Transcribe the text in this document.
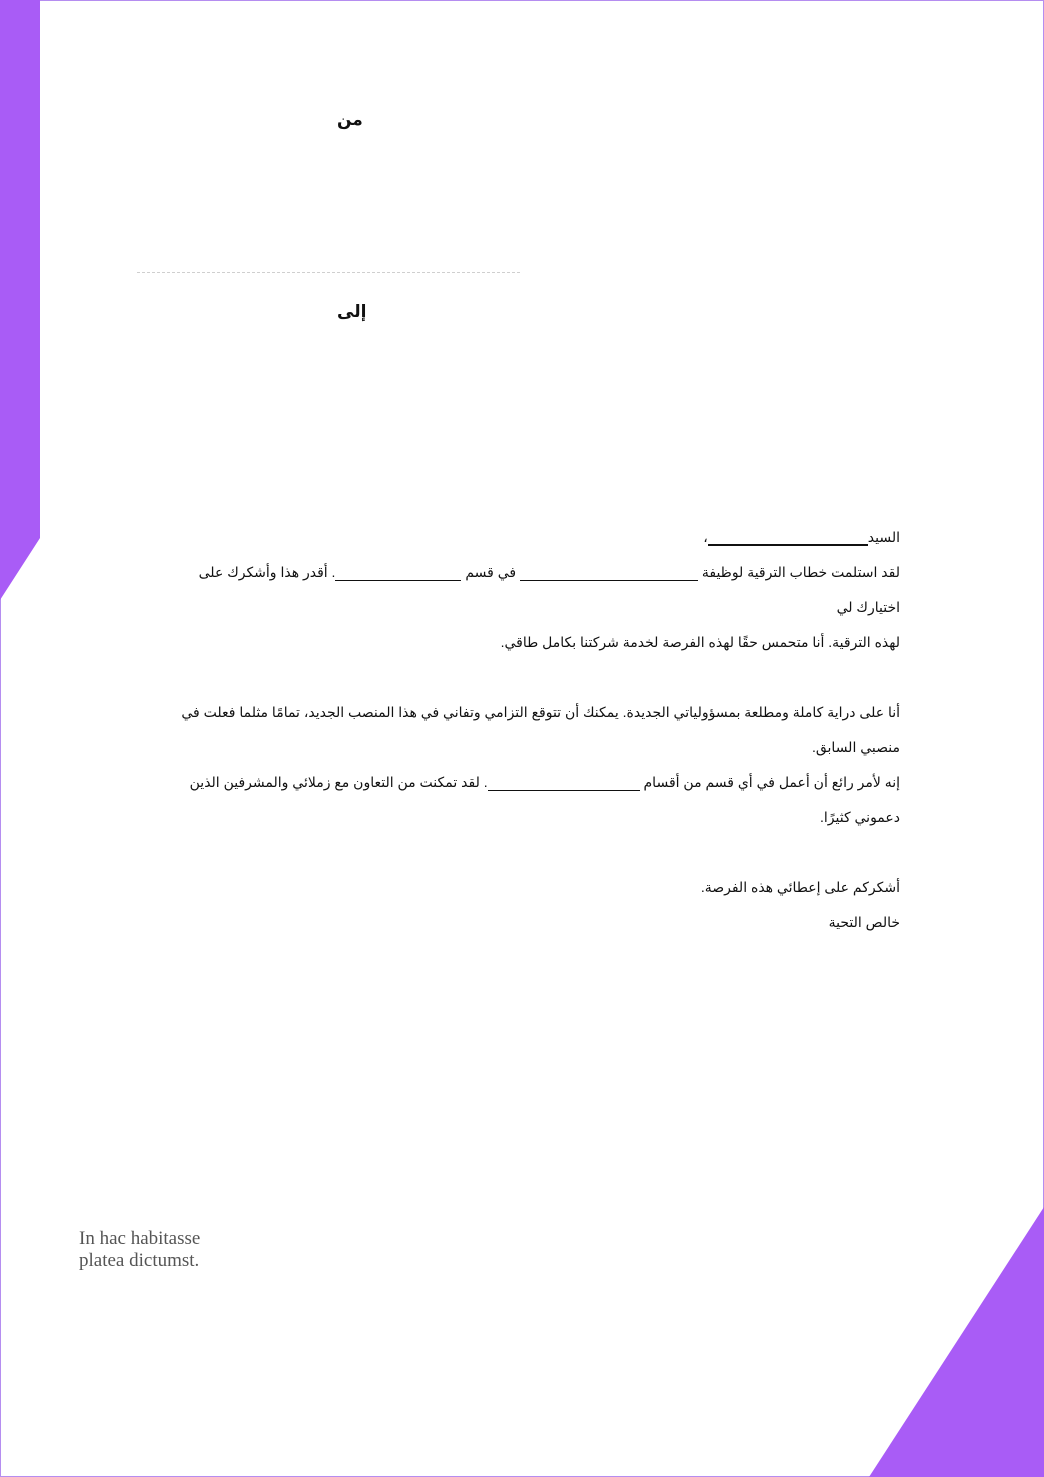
من
إلى

السيد،

لقد استلمت خطاب الترقية لوظيفة  في قسم . أقدر هذا وأشكرك على اختيارك لي
لهذه الترقية. أنا متحمس حقًا لهذه الفرصة لخدمة شركتنا بكامل طاقي.

أنا على دراية كاملة ومطلعة بمسؤولياتي الجديدة. يمكنك أن تتوقع التزامي وتفاني في هذا المنصب الجديد، تمامًا مثلما فعلت في منصبي السابق.

إنه لأمر رائع أن أعمل في أي قسم من أقسام . لقد تمكنت من التعاون مع زملائي والمشرفين الذين دعموني كثيرًا.

أشكركم على إعطائي هذه الفرصة.

خالص التحية

In hac habitasse
platea dictumst.
